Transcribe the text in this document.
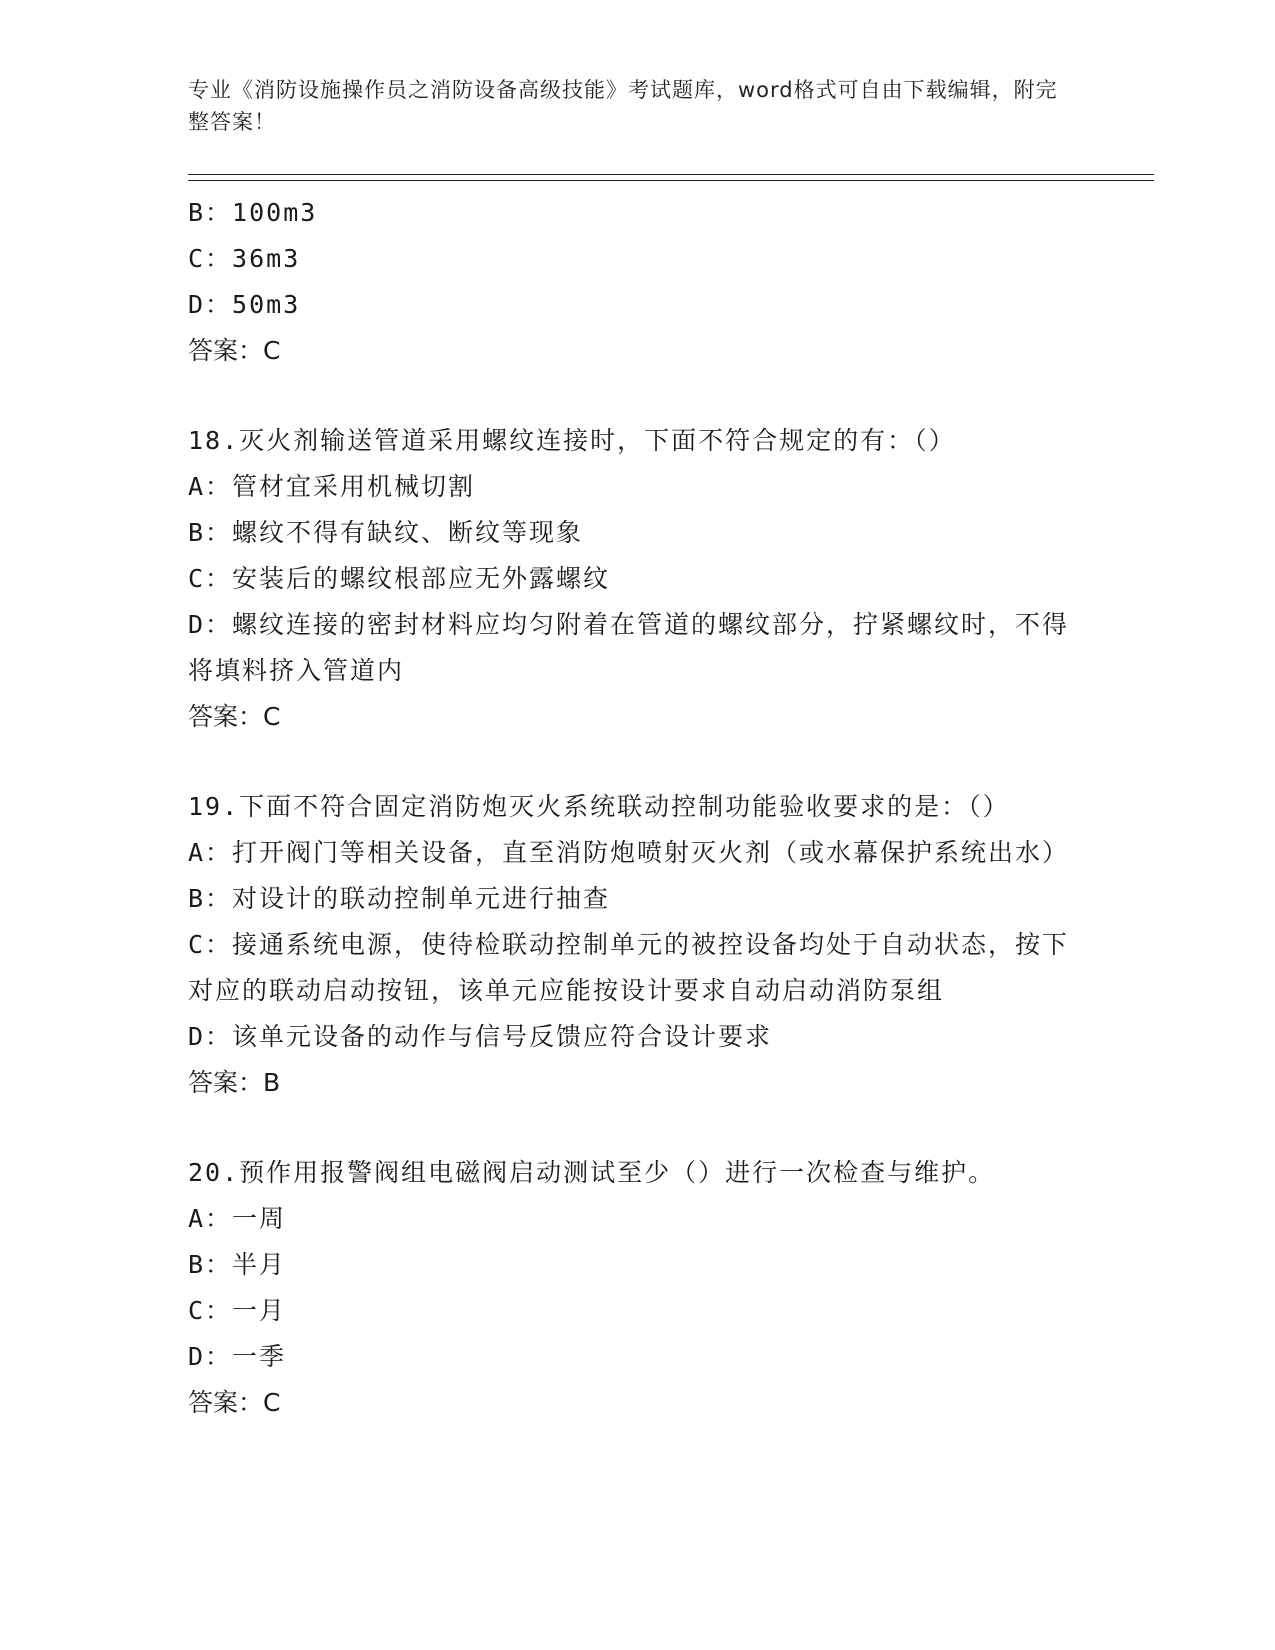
专业《消防设施操作员之消防设备高级技能》考试题库，word格式可自由下载编辑，附完整答案！
B：100m3
C：36m3
D：50m3
答案：C
18.灭火剂输送管道采用螺纹连接时，下面不符合规定的有：（）
A：管材宜采用机械切割
B：螺纹不得有缺纹、断纹等现象
C：安装后的螺纹根部应无外露螺纹
D：螺纹连接的密封材料应均匀附着在管道的螺纹部分，拧紧螺纹时，不得将填料挤入管道内
答案：C
19.下面不符合固定消防炮灭火系统联动控制功能验收要求的是：（）
A：打开阀门等相关设备，直至消防炮喷射灭火剂（或水幕保护系统出水）
B：对设计的联动控制单元进行抽查
C：接通系统电源，使待检联动控制单元的被控设备均处于自动状态，按下对应的联动启动按钮，该单元应能按设计要求自动启动消防泵组
D：该单元设备的动作与信号反馈应符合设计要求
答案：B
20.预作用报警阀组电磁阀启动测试至少（）进行一次检查与维护。
A：一周
B：半月
C：一月
D：一季
答案：C
